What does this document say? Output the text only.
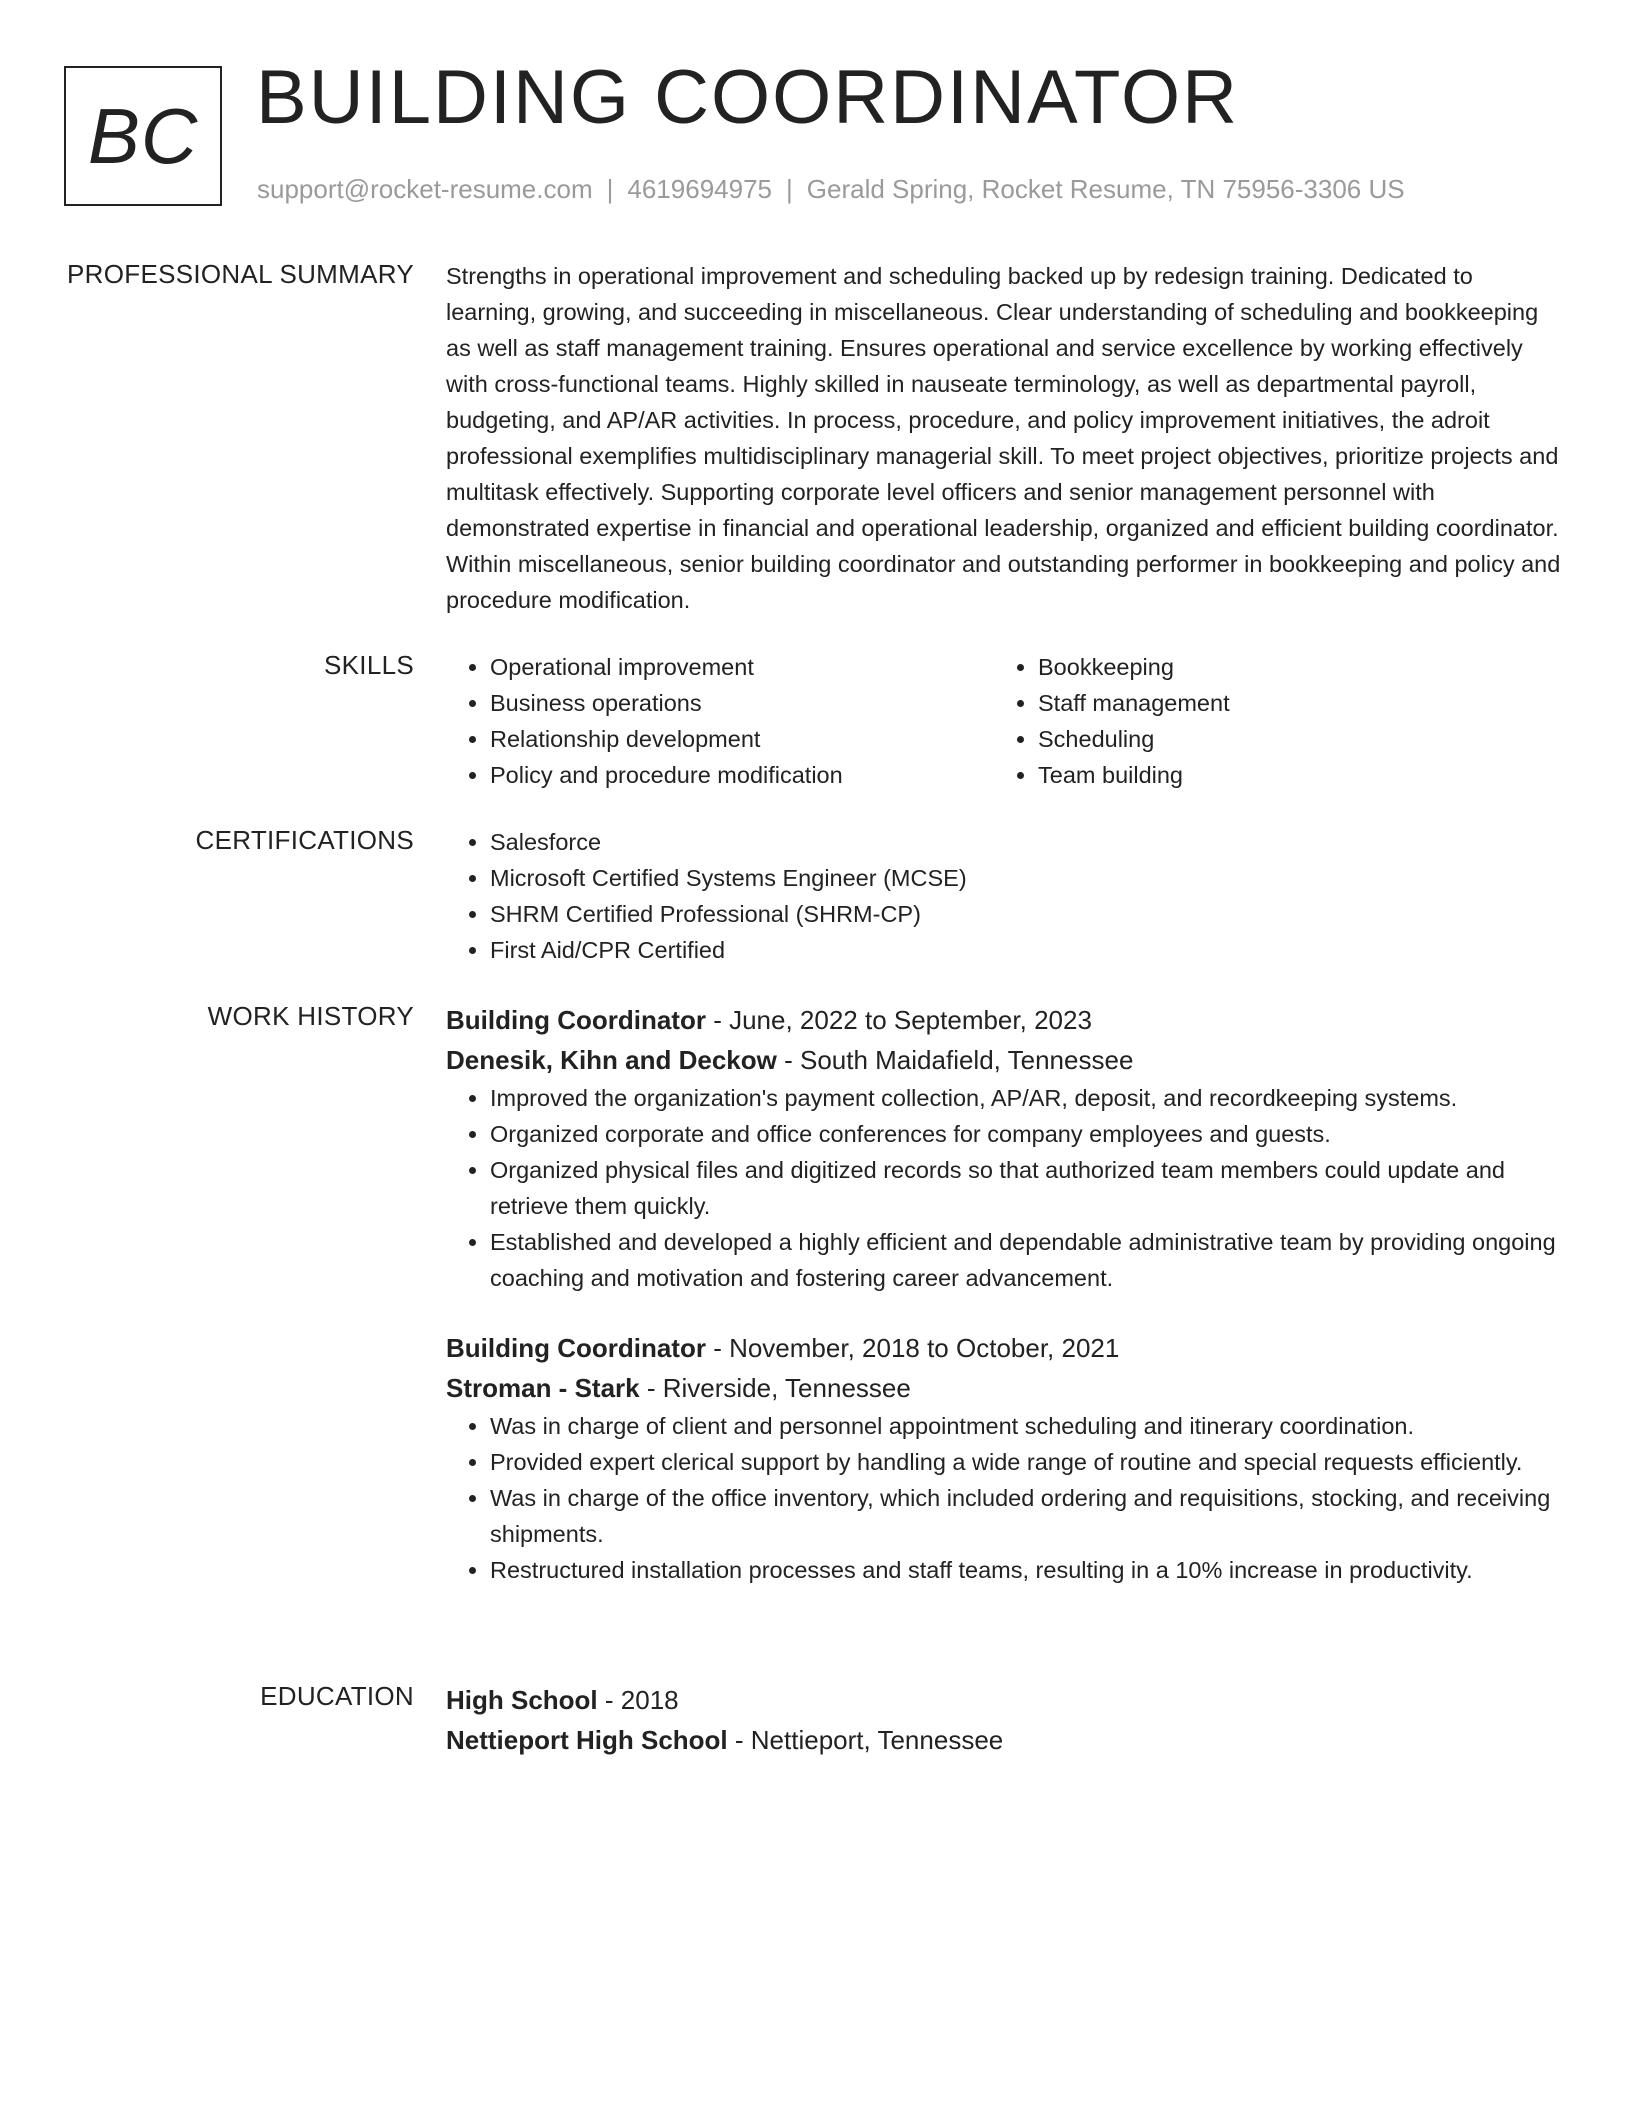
BC BUILDING COORDINATOR
support@rocket-resume.com | 4619694975 | Gerald Spring, Rocket Resume, TN 75956-3306 US
PROFESSIONAL SUMMARY Strengths in operational improvement and scheduling backed up by redesign training. Dedicated to learning, growing, and succeeding in miscellaneous. Clear understanding of scheduling and bookkeeping as well as staff management training. Ensures operational and service excellence by working effectively with cross-functional teams. Highly skilled in nauseate terminology, as well as departmental payroll, budgeting, and AP/AR activities. In process, procedure, and policy improvement initiatives, the adroit professional exemplifies multidisciplinary managerial skill. To meet project objectives, prioritize projects and multitask effectively. Supporting corporate level officers and senior management personnel with demonstrated expertise in financial and operational leadership, organized and efficient building coordinator. Within miscellaneous, senior building coordinator and outstanding performer in bookkeeping and policy and procedure modification.

SKILLS	• Operational improvement
• Business operations
• Relationship development
• Policy and procedure modification
• Bookkeeping
• Staff management
• Scheduling
• Team building
CERTIFICATIONS	• Salesforce
• Microsoft Certified Systems Engineer (MCSE)
• SHRM Certified Professional (SHRM-CP)
• First Aid/CPR Certified
WORK HISTORY Building Coordinator - June, 2022 to September, 2023
Denesik, Kihn and Deckow - South Maidafield, Tennessee
• Improved the organization's payment collection, AP/AR, deposit, and recordkeeping systems.
• Organized corporate and office conferences for company employees and guests.
• Organized physical files and digitized records so that authorized team members could update and retrieve them quickly.
• Established and developed a highly efficient and dependable administrative team by providing ongoing coaching and motivation and fostering career advancement.
Building Coordinator - November, 2018 to October, 2021
Stroman - Stark - Riverside, Tennessee
• Was in charge of client and personnel appointment scheduling and itinerary coordination.
• Provided expert clerical support by handling a wide range of routine and special requests efficiently.
• Was in charge of the office inventory, which included ordering and requisitions, stocking, and receiving shipments.
• Restructured installation processes and staff teams, resulting in a 10% increase in productivity.
EDUCATION High School - 2018
Nettieport High School - Nettieport, Tennessee
